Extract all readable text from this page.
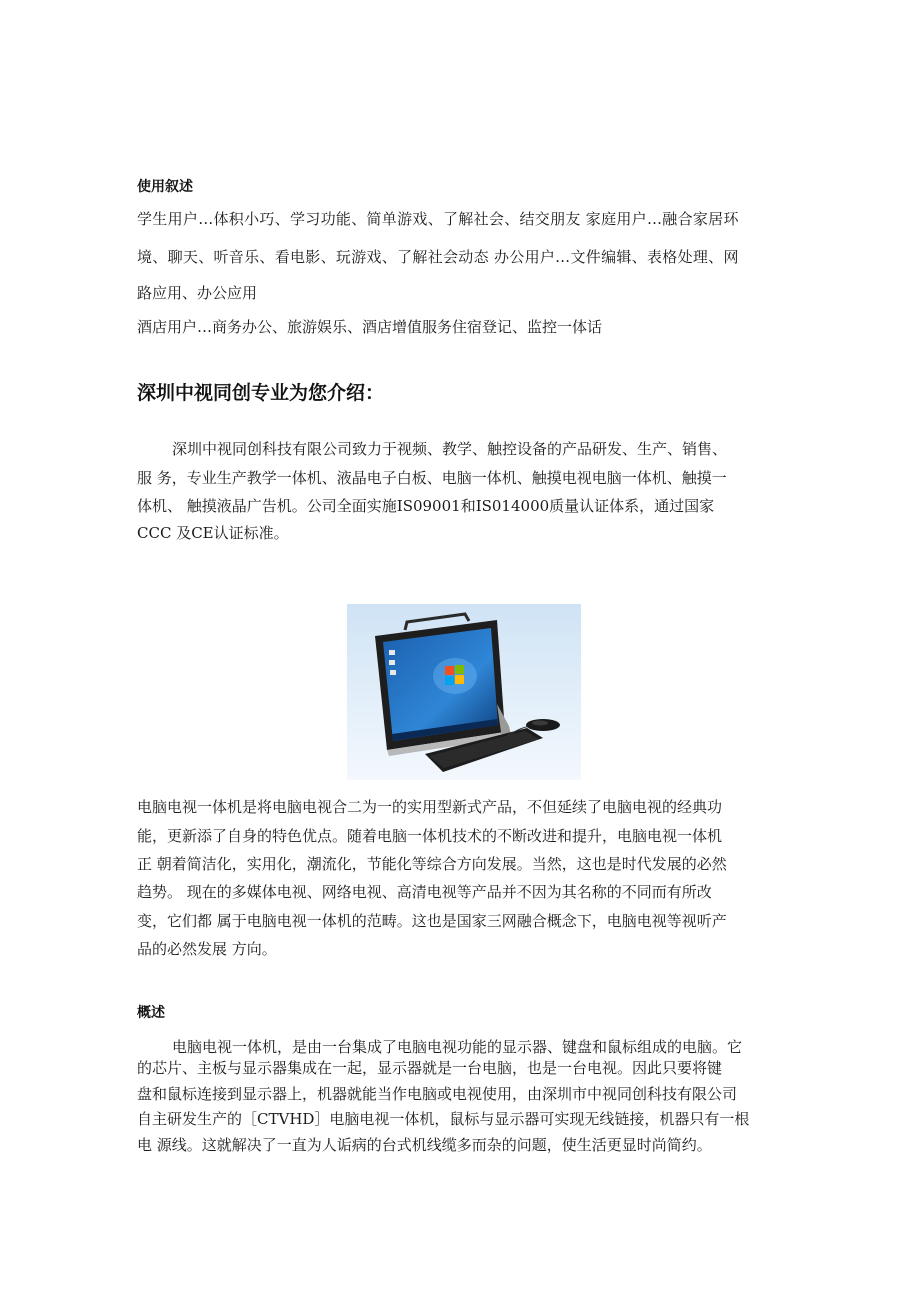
使用叙述
学生用户…体积小巧、学习功能、简单游戏、了解社会、结交朋友 家庭用户…融合家居环
境、聊天、听音乐、看电影、玩游戏、了解社会动态 办公用户…文件编辑、表格处理、网
路应用、办公应用
酒店用户…商务办公、旅游娱乐、酒店增值服务住宿登记、监控一体话
深圳中视同创专业为您介绍：
深圳中视同创科技有限公司致力于视频、教学、触控设备的产品研发、生产、销售、
服 务，专业生产教学一体机、液晶电子白板、电脑一体机、触摸电视电脑一体机、触摸一
体机、 触摸液晶广告机。公司全面实施IS09001和IS014000质量认证体系，通过国家
CCC 及CE认证标准。
电脑电视一体机是将电脑电视合二为一的实用型新式产品，不但延续了电脑电视的经典功
能，更新添了自身的特色优点。随着电脑一体机技术的不断改进和提升，电脑电视一体机
正 朝着简洁化，实用化，潮流化，节能化等综合方向发展。当然，这也是时代发展的必然
趋势。 现在的多媒体电视、网络电视、高清电视等产品并不因为其名称的不同而有所改
变，它们都 属于电脑电视一体机的范畴。这也是国家三网融合概念下，电脑电视等视听产
品的必然发展 方向。
概述
电脑电视一体机，是由一台集成了电脑电视功能的显示器、键盘和鼠标组成的电脑。它
的芯片、主板与显示器集成在一起，显示器就是一台电脑，也是一台电视。因此只要将键
盘和鼠标连接到显示器上，机器就能当作电脑或电视使用，由深圳市中视同创科技有限公司
自主研发生产的［CTVHD］电脑电视一体机，鼠标与显示器可实现无线链接，机器只有一根
电 源线。这就解决了一直为人诟病的台式机线缆多而杂的问题，使生活更显时尚简约。
